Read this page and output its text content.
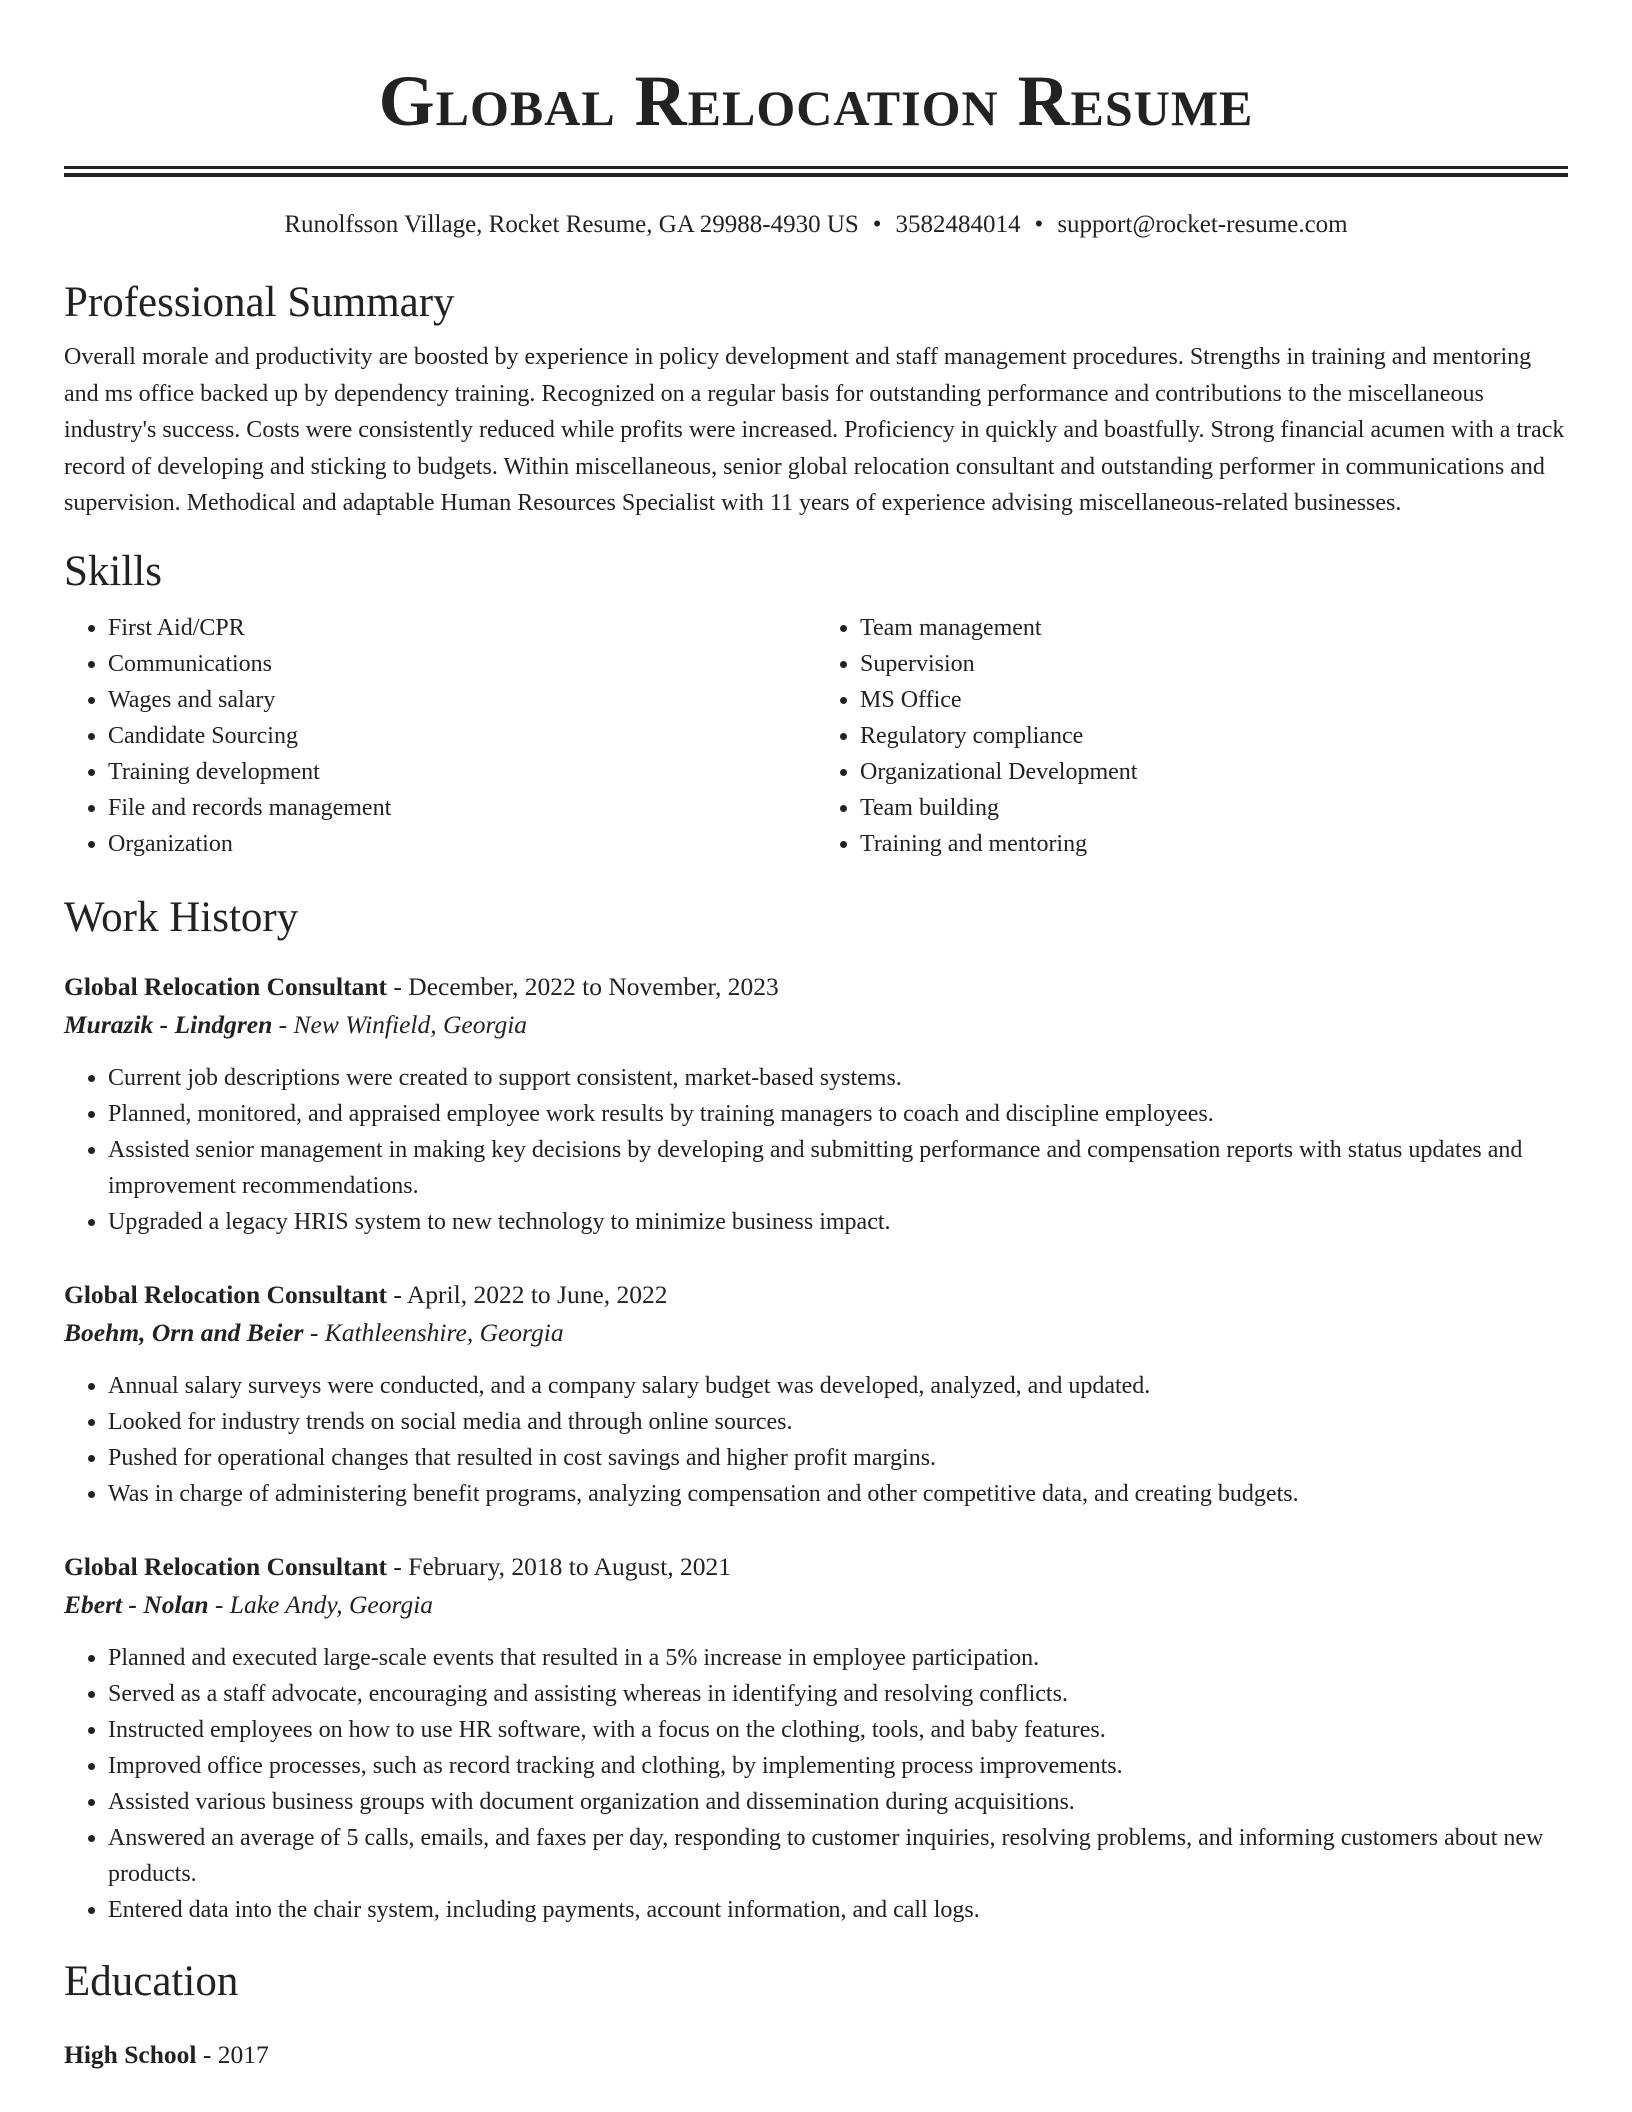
Global Relocation Resume
Runolfsson Village, Rocket Resume, GA 29988-4930 US • 3582484014 • support@rocket-resume.com
Professional Summary

Overall morale and productivity are boosted by experience in policy development and staff management procedures. Strengths in training and mentoring and ms office backed up by dependency training. Recognized on a regular basis for outstanding performance and contributions to the miscellaneous industry's success. Costs were consistently reduced while profits were increased. Proficiency in quickly and boastfully. Strong financial acumen with a track record of developing and sticking to budgets. Within miscellaneous, senior global relocation consultant and outstanding performer in communications and supervision. Methodical and adaptable Human Resources Specialist with 11 years of experience advising miscellaneous-related businesses.

Skills
• First Aid/CPR
• Communications
• Wages and salary
• Candidate Sourcing
• Training development
• File and records management
• Organization
• Team management
• Supervision
• MS Office
• Regulatory compliance
• Organizational Development
• Team building
• Training and mentoring
Work History
Global Relocation Consultant - December, 2022 to November, 2023
Murazik - Lindgren - New Winfield, Georgia
• Current job descriptions were created to support consistent, market-based systems.
• Planned, monitored, and appraised employee work results by training managers to coach and discipline employees.
• Assisted senior management in making key decisions by developing and submitting performance and compensation reports with status updates and improvement recommendations.
• Upgraded a legacy HRIS system to new technology to minimize business impact.
Global Relocation Consultant - April, 2022 to June, 2022
Boehm, Orn and Beier - Kathleenshire, Georgia
• Annual salary surveys were conducted, and a company salary budget was developed, analyzed, and updated.
• Looked for industry trends on social media and through online sources.
• Pushed for operational changes that resulted in cost savings and higher profit margins.
• Was in charge of administering benefit programs, analyzing compensation and other competitive data, and creating budgets.
Global Relocation Consultant - February, 2018 to August, 2021
Ebert - Nolan - Lake Andy, Georgia
• Planned and executed large-scale events that resulted in a 5% increase in employee participation.
• Served as a staff advocate, encouraging and assisting whereas in identifying and resolving conflicts.
• Instructed employees on how to use HR software, with a focus on the clothing, tools, and baby features.
• Improved office processes, such as record tracking and clothing, by implementing process improvements.
• Assisted various business groups with document organization and dissemination during acquisitions.
• Answered an average of 5 calls, emails, and faxes per day, responding to customer inquiries, resolving problems, and informing customers about new products.
• Entered data into the chair system, including payments, account information, and call logs.
Education
High School - 2017
